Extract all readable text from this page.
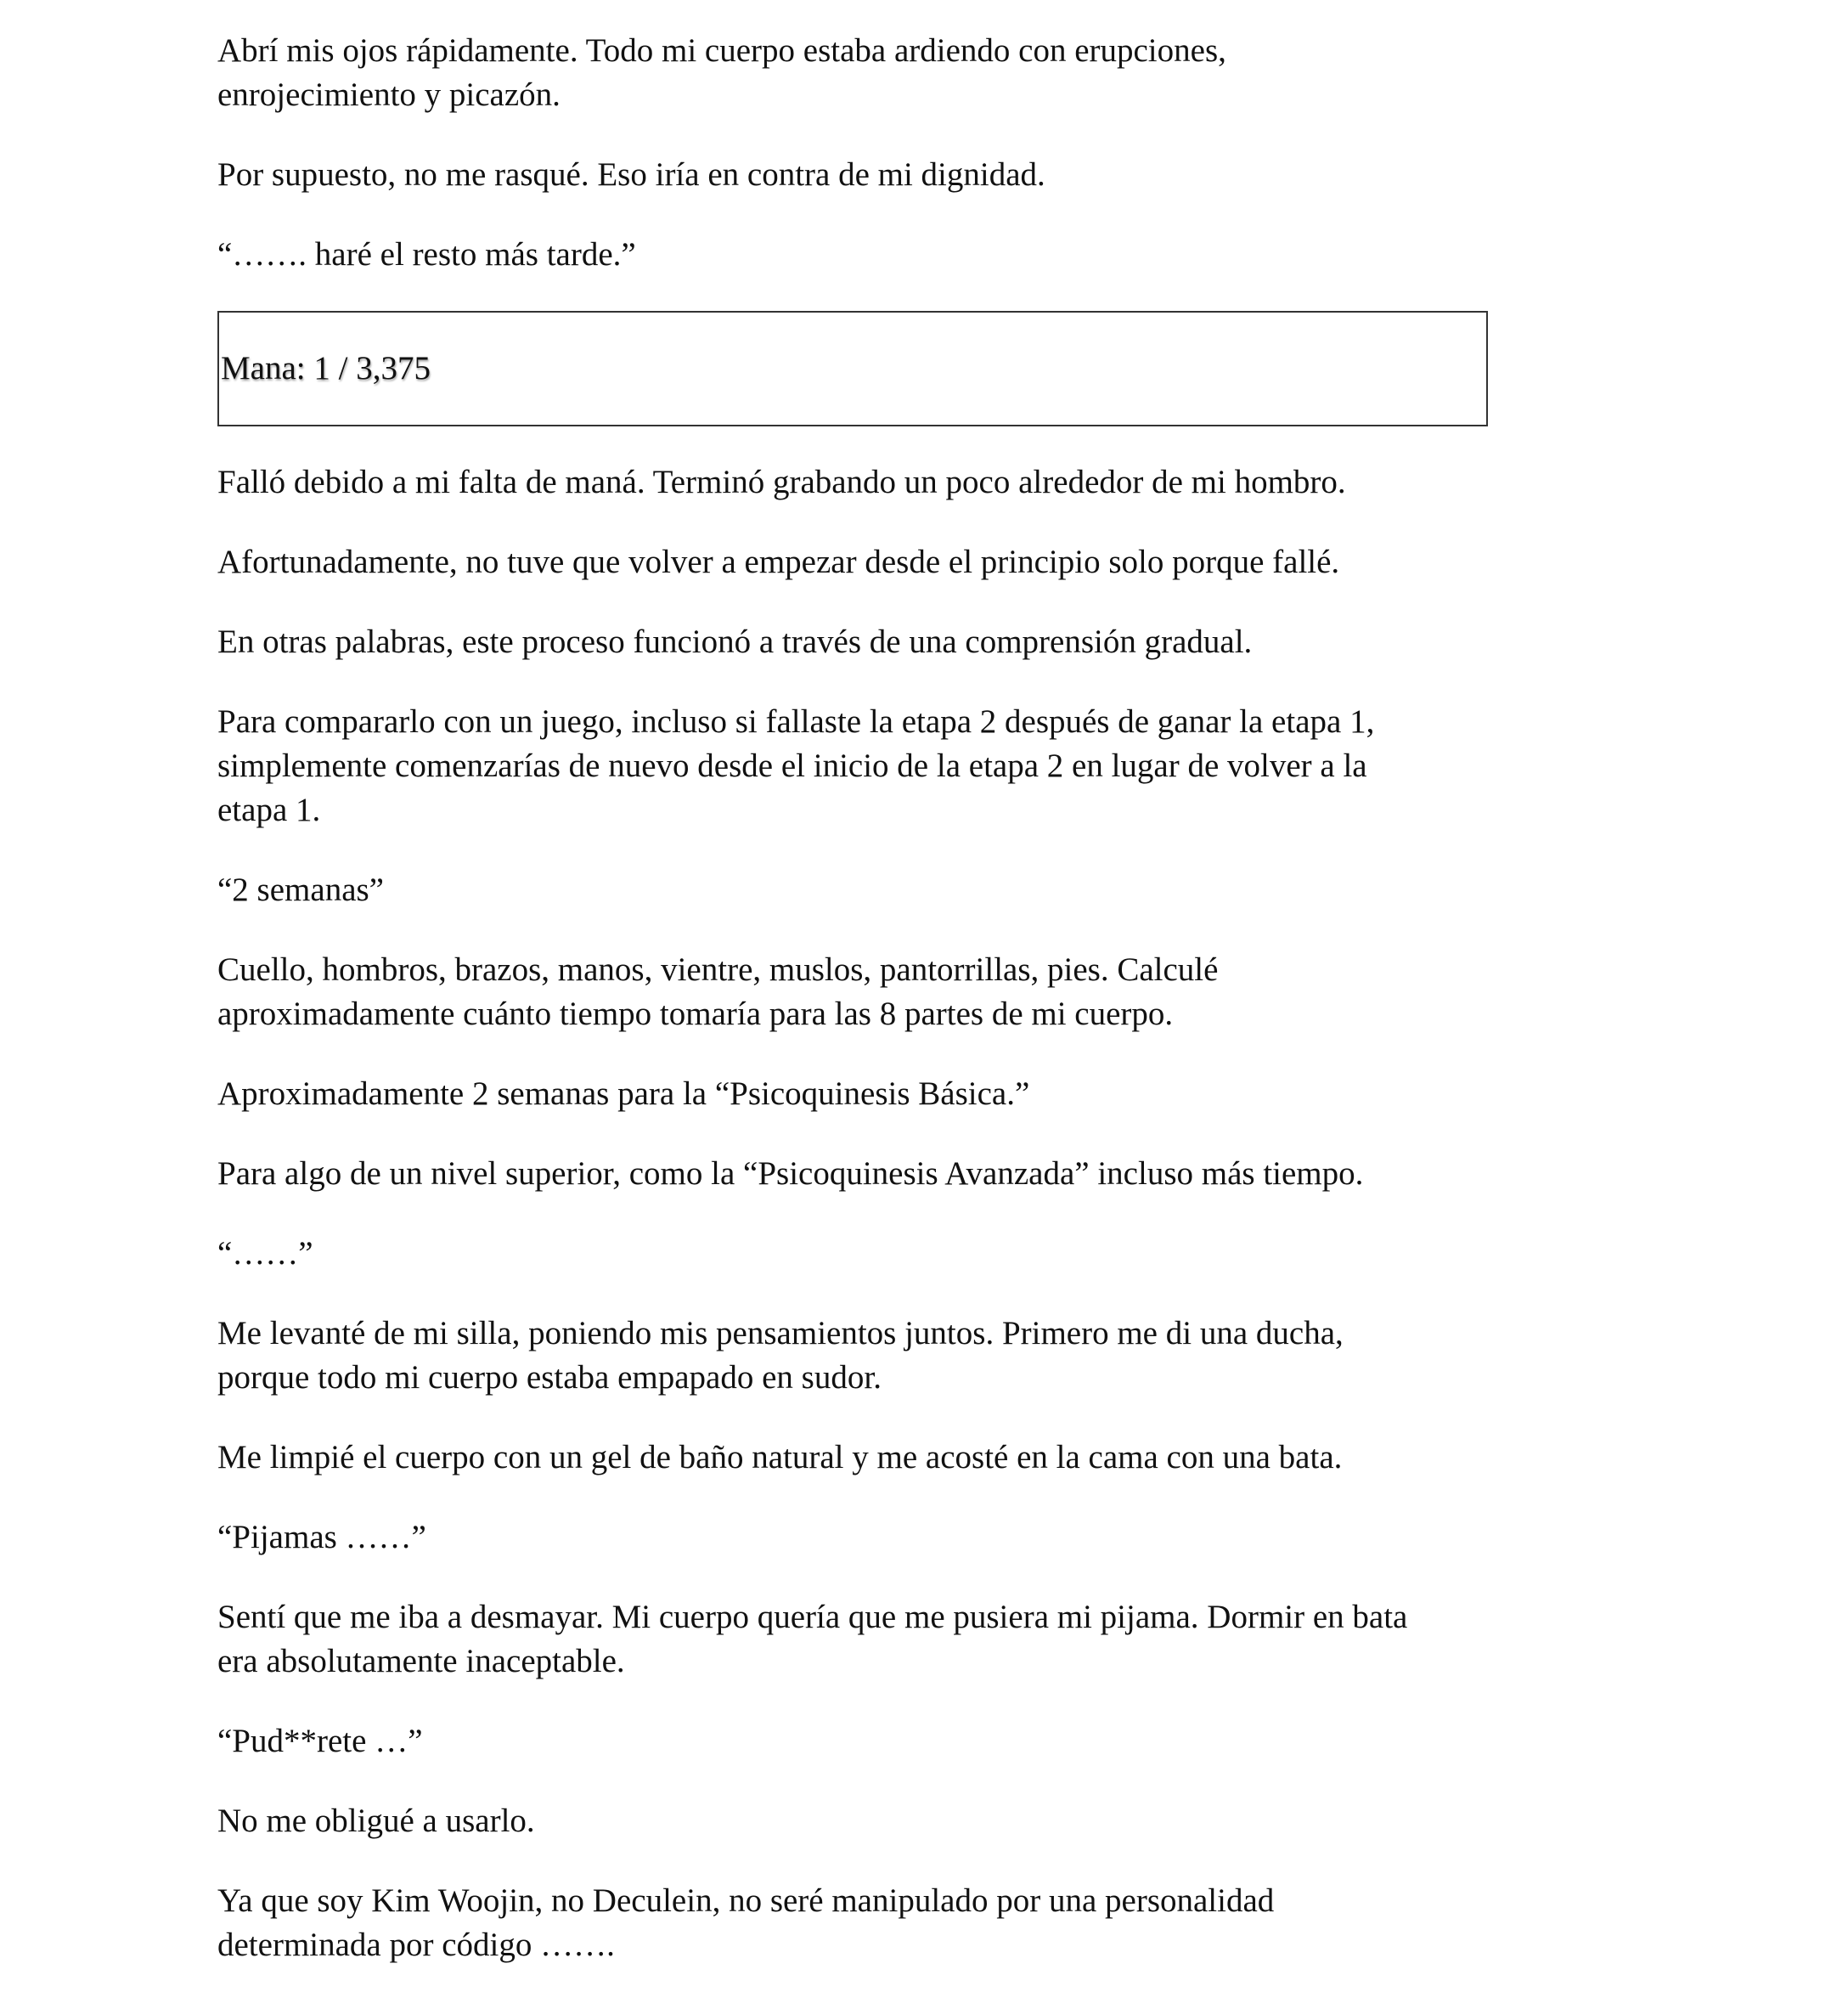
Abrí mis ojos rápidamente. Todo mi cuerpo estaba ardiendo con erupciones,
enrojecimiento y picazón.

Por supuesto, no me rasqué. Eso iría en contra de mi dignidad.

“……. haré el resto más tarde.”

Mana: 1 / 3,375

Falló debido a mi falta de maná. Terminó grabando un poco alrededor de mi hombro.

Afortunadamente, no tuve que volver a empezar desde el principio solo porque fallé.

En otras palabras, este proceso funcionó a través de una comprensión gradual.

Para compararlo con un juego, incluso si fallaste la etapa 2 después de ganar la etapa 1,
simplemente comenzarías de nuevo desde el inicio de la etapa 2 en lugar de volver a la
etapa 1.

“2 semanas”

Cuello, hombros, brazos, manos, vientre, muslos, pantorrillas, pies. Calculé
aproximadamente cuánto tiempo tomaría para las 8 partes de mi cuerpo.

Aproximadamente 2 semanas para la “Psicoquinesis Básica.”

Para algo de un nivel superior, como la “Psicoquinesis Avanzada” incluso más tiempo.

“……”

Me levanté de mi silla, poniendo mis pensamientos juntos. Primero me di una ducha,
porque todo mi cuerpo estaba empapado en sudor.

Me limpié el cuerpo con un gel de baño natural y me acosté en la cama con una bata.

“Pijamas ……”

Sentí que me iba a desmayar. Mi cuerpo quería que me pusiera mi pijama. Dormir en bata
era absolutamente inaceptable.

“Pud**rete …”

No me obligué a usarlo.

Ya que soy Kim Woojin, no Deculein, no seré manipulado por una personalidad
determinada por código …….
